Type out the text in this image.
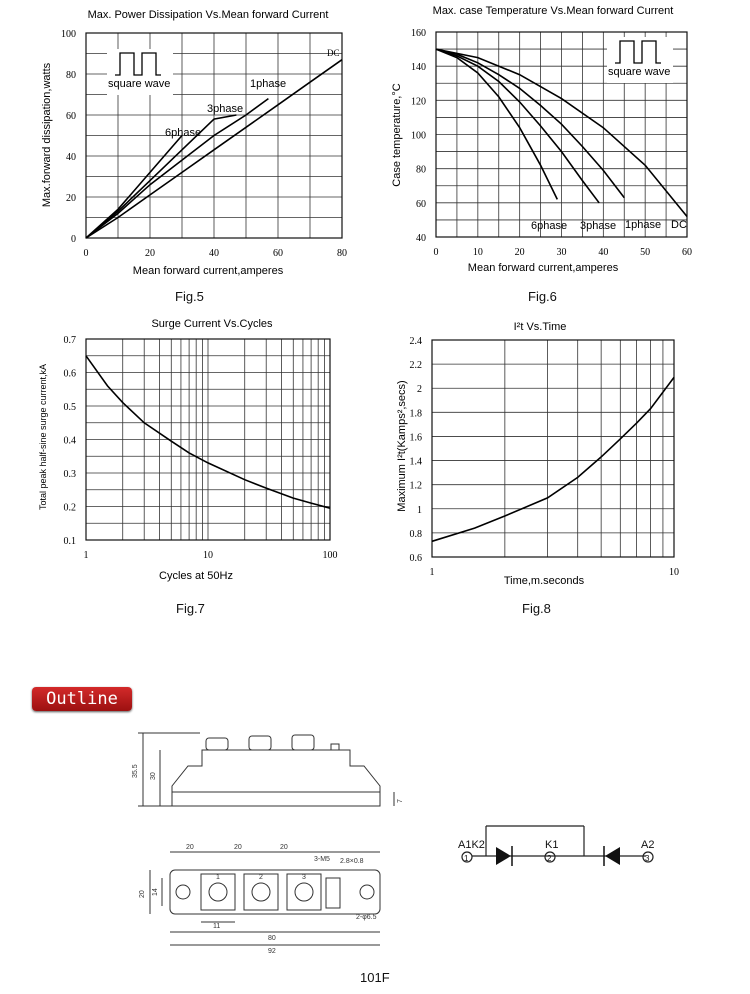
0	20	40	60	80
0
20
40
60
80
100
Max. Power Dissipation Vs.Mean forward Current
Mean forward current,amperes
Max.forward dissipation,watts	6phase
3phase
1phase
DC
square wave
0	10	20	30	40	50	60
40
60
80
100
120
140
160
Max. case Temperature Vs.Mean forward Current
Mean forward current,amperes
Case temperature,°C
6phase 3phase 1phase DC
square wave
1	10	100
0.1
0.2
0.3
0.4
0.5
0.6
0.7
Surge Current Vs.Cycles
Cycles at 50Hz
Total peak half-sine surge current,kA
1	10
0.6
0.8
1
1.2
1.4
1.6
1.8
2
2.2
2.4
I²t Vs.Time
Time,m.seconds
Maximum I²t(Kamps²,secs)
Fig.5	Fig.6
Fig.7	Fig.8
Outline
35.5 30
7
20	20	20
3-M5 2.8×0.8
20 14
11
80
92
2-φ6.5
1	2	3
A1K2	K1	A2
1	2	3
101F
